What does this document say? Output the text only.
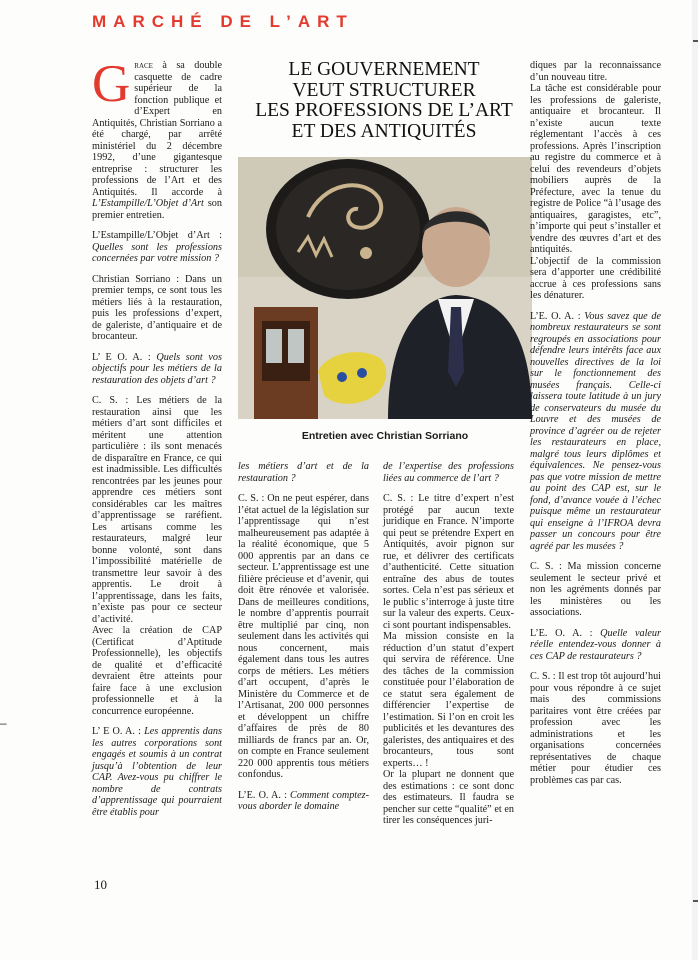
MARCHÉ DE L’ART
LE GOUVERNEMENT
VEUT STRUCTURER
LES PROFESSIONS DE L’ART
ET DES ANTIQUITÉS

Grace à sa double casquette de cadre supérieur de la fonction publique et d’Expert en Antiquités, Christian Sorriano a été chargé, par arrêté ministériel du 2 décembre 1992, d’une gigantesque entreprise : structurer les professions de l’Art et des Antiquités. Il accorde à L’Estampille/L’Objet d’Art son premier entretien.

L’Estampille/L’Objet d’Art : Quelles sont les professions concernées par votre mission ?

Christian Sorriano : Dans un premier temps, ce sont tous les métiers liés à la restauration, puis les professions d’expert, de galeriste, d’antiquaire et de brocanteur.

L’ E O. A. : Quels sont vos objectifs pour les métiers de la restauration des objets d’art ?

C. S. : Les métiers de la restauration ainsi que les métiers d’art sont difficiles et méritent une attention particulière : ils sont menacés de disparaître en France, ce qui est inadmissible. Les difficultés rencontrées par les jeunes pour apprendre ces métiers sont considérables car les maîtres d’apprentissage se raréfient. Les artisans comme les restaurateurs, malgré leur bonne volonté, sont dans l’impossibilité matérielle de transmettre leur savoir à des apprentis. Le droit à l’apprentissage, dans les faits, n’existe pas pour ce secteur d’activité.

Avec la création de CAP (Certificat d’Aptitude Professionnelle), les objectifs de qualité et d’efficacité devraient être atteints pour faire face à une exclusion professionnelle et à la concurrence européenne.

L’ E O. A. : Les apprentis dans les autres corporations sont engagés et soumis à un contrat jusqu’à l’obtention de leur CAP. Avez-vous pu chiffrer le nombre de contrats d’apprentissage qui pourraient être établis pour

Entretien avec Christian Sorriano

les métiers d’art et de la restauration ?

C. S. : On ne peut espérer, dans l’état actuel de la législation sur l’apprentissage qui n’est malheureusement pas adaptée à la réalité économique, que 5 000 apprentis par an dans ce secteur. L’apprentissage est une filière précieuse et d’avenir, qui doit être rénovée et valorisée. Dans de meilleures conditions, le nombre d’apprentis pourrait être multiplié par cinq, non seulement dans les activités qui nous concernent, mais également dans tous les autres corps de métiers. Les métiers d’art occupent, d’après le Ministère du Commerce et de l’Artisanat, 200 000 personnes et développent un chiffre d’affaires de près de 80 milliards de francs par an. Or, on compte en France seulement 220 000 apprentis tous métiers confondus.

L’E. O. A. : Comment comptez-vous aborder le domaine

de l’expertise des professions liées au commerce de l’art ?

C. S. : Le titre d’expert n’est protégé par aucun texte juridique en France. N’importe qui peut se prétendre Expert en Antiquités, avoir pignon sur rue, et délivrer des certificats d’authenticité. Cette situation entraîne des abus de toutes sortes. Cela n’est pas sérieux et le public s’interroge à juste titre sur la valeur des experts. Ceux-ci sont pourtant indispensables.

Ma mission consiste en la réduction d’un statut d’expert qui servira de référence. Une des tâches de la commission constituée pour l’élaboration de ce statut sera également de différencier l’expertise de l’estimation. Si l’on en croit les publicités et les devantures des galeristes, des antiquaires et des brocanteurs, tous sont experts… !

Or la plupart ne donnent que des estimations : ce sont donc des estimateurs. Il faudra se pencher sur cette “qualité” et en tirer les conséquences juri-

diques par la reconnaissance d’un nouveau titre.

La tâche est considérable pour les professions de galeriste, antiquaire et brocanteur. Il n’existe aucun texte réglementant l’accès à ces professions. Après l’inscription au registre du commerce et à celui des revendeurs d’objets mobiliers auprès de la Préfecture, avec la tenue du registre de Police “à l’usage des antiquaires, garagistes, etc”, n’importe qui peut s’installer et vendre des œuvres d’art et des antiquités.

L’objectif de la commission sera d’apporter une crédibilité accrue à ces professions sans les dénaturer.

L’E. O. A. : Vous savez que de nombreux restaurateurs se sont regroupés en associations pour défendre leurs intérêts face aux nouvelles directives de la loi sur le fonctionnement des musées français. Celle-ci laissera toute latitude à un jury de conservateurs du musée du Louvre et des musées de province d’agréer ou de rejeter les restaurateurs en place, malgré tous leurs diplômes et équivalences. Ne pensez-vous pas que votre mission de mettre au point des CAP est, sur le fond, d’avance vouée à l’échec puisque même un restaurateur qui enseigne à l’IFROA devra passer un concours pour être agréé par les musées ?

C. S. : Ma mission concerne seulement le secteur privé et non les agréments donnés par les ministères ou les associations.

L’E. O. A. : Quelle valeur réelle entendez-vous donner à ces CAP de restaurateurs ?

C. S. : Il est trop tôt aujourd’hui pour vous répondre à ce sujet mais des commissions paritaires vont être créées par profession avec les administrations et les organisations concernées représentatives de chaque métier pour étudier ces problèmes cas par cas.

10
–
